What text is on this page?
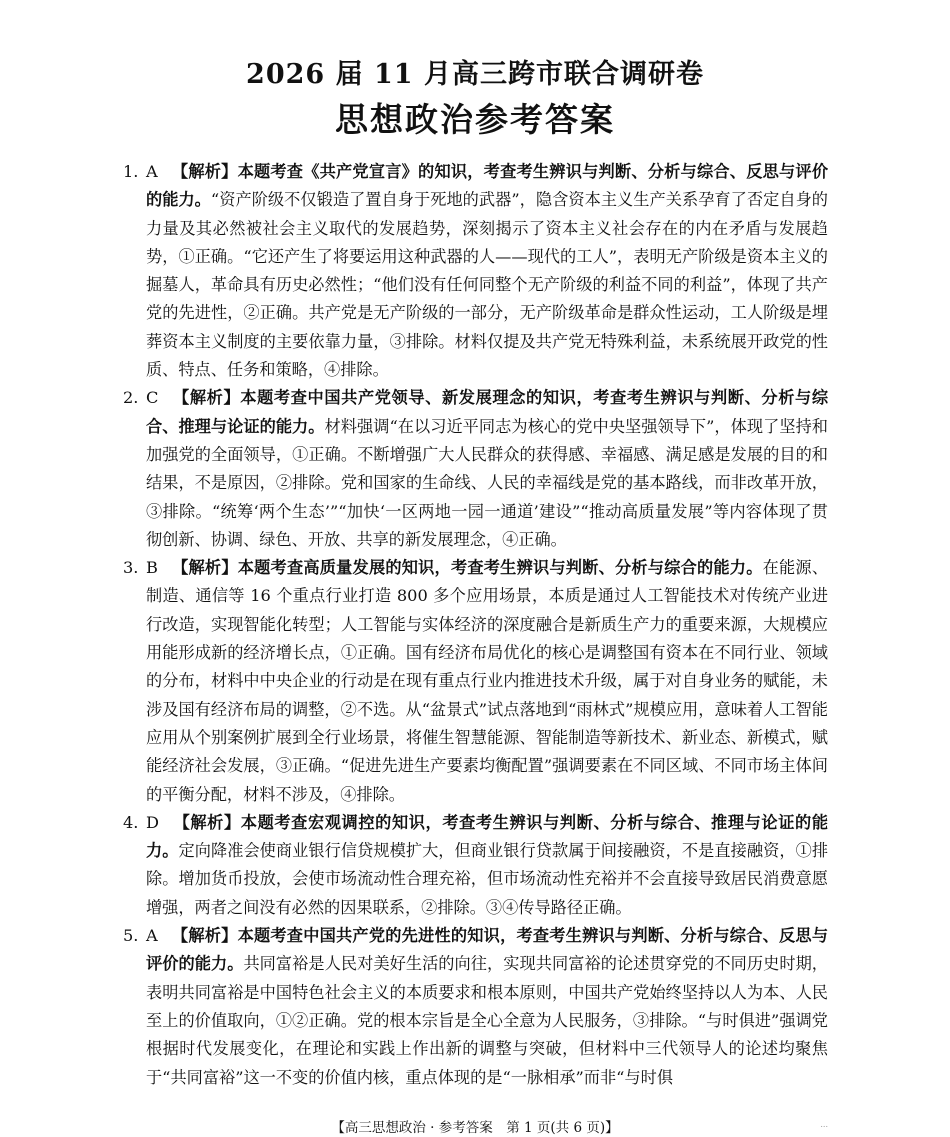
2026 届 11 月高三跨市联合调研卷
思想政治参考答案
1. A 【解析】本题考查《共产党宣言》的知识，考查考生辨识与判断、分析与综合、反思与评价的能力。“资产阶级不仅锻造了置自身于死地的武器”，隐含资本主义生产关系孕育了否定自身的力量及其必然被社会主义取代的发展趋势，深刻揭示了资本主义社会存在的内在矛盾与发展趋势，①正确。“它还产生了将要运用这种武器的人——现代的工人”，表明无产阶级是资本主义的掘墓人，革命具有历史必然性；“他们没有任何同整个无产阶级的利益不同的利益”，体现了共产党的先进性，②正确。共产党是无产阶级的一部分，无产阶级革命是群众性运动，工人阶级是埋葬资本主义制度的主要依靠力量，③排除。材料仅提及共产党无特殊利益，未系统展开政党的性质、特点、任务和策略，④排除。
2. C 【解析】本题考查中国共产党领导、新发展理念的知识，考查考生辨识与判断、分析与综合、推理与论证的能力。材料强调“在以习近平同志为核心的党中央坚强领导下”，体现了坚持和加强党的全面领导，①正确。不断增强广大人民群众的获得感、幸福感、满足感是发展的目的和结果，不是原因，②排除。党和国家的生命线、人民的幸福线是党的基本路线，而非改革开放，③排除。“统筹‘两个生态’”“加快‘一区两地一园一通道’建设”“推动高质量发展”等内容体现了贯彻创新、协调、绿色、开放、共享的新发展理念，④正确。
3. B 【解析】本题考查高质量发展的知识，考查考生辨识与判断、分析与综合的能力。在能源、制造、通信等 16 个重点行业打造 800 多个应用场景，本质是通过人工智能技术对传统产业进行改造，实现智能化转型；人工智能与实体经济的深度融合是新质生产力的重要来源，大规模应用能形成新的经济增长点，①正确。国有经济布局优化的核心是调整国有资本在不同行业、领域的分布，材料中中央企业的行动是在现有重点行业内推进技术升级，属于对自身业务的赋能，未涉及国有经济布局的调整，②不选。从“盆景式”试点落地到“雨林式”规模应用，意味着人工智能应用从个别案例扩展到全行业场景，将催生智慧能源、智能制造等新技术、新业态、新模式，赋能经济社会发展，③正确。“促进先进生产要素均衡配置”强调要素在不同区域、不同市场主体间的平衡分配，材料不涉及，④排除。
4. D 【解析】本题考查宏观调控的知识，考查考生辨识与判断、分析与综合、推理与论证的能力。定向降准会使商业银行信贷规模扩大，但商业银行贷款属于间接融资，不是直接融资，①排除。增加货币投放，会使市场流动性合理充裕，但市场流动性充裕并不会直接导致居民消费意愿增强，两者之间没有必然的因果联系，②排除。③④传导路径正确。
5. A 【解析】本题考查中国共产党的先进性的知识，考查考生辨识与判断、分析与综合、反思与评价的能力。共同富裕是人民对美好生活的向往，实现共同富裕的论述贯穿党的不同历史时期，表明共同富裕是中国特色社会主义的本质要求和根本原则，中国共产党始终坚持以人为本、人民至上的价值取向，①②正确。党的根本宗旨是全心全意为人民服务，③排除。“与时俱进”强调党根据时代发展变化，在理论和实践上作出新的调整与突破，但材料中三代领导人的论述均聚焦于“共同富裕”这一不变的价值内核，重点体现的是“一脉相承”而非“与时俱
【高三思想政治 · 参考答案　第 1 页(共 6 页)】	...
